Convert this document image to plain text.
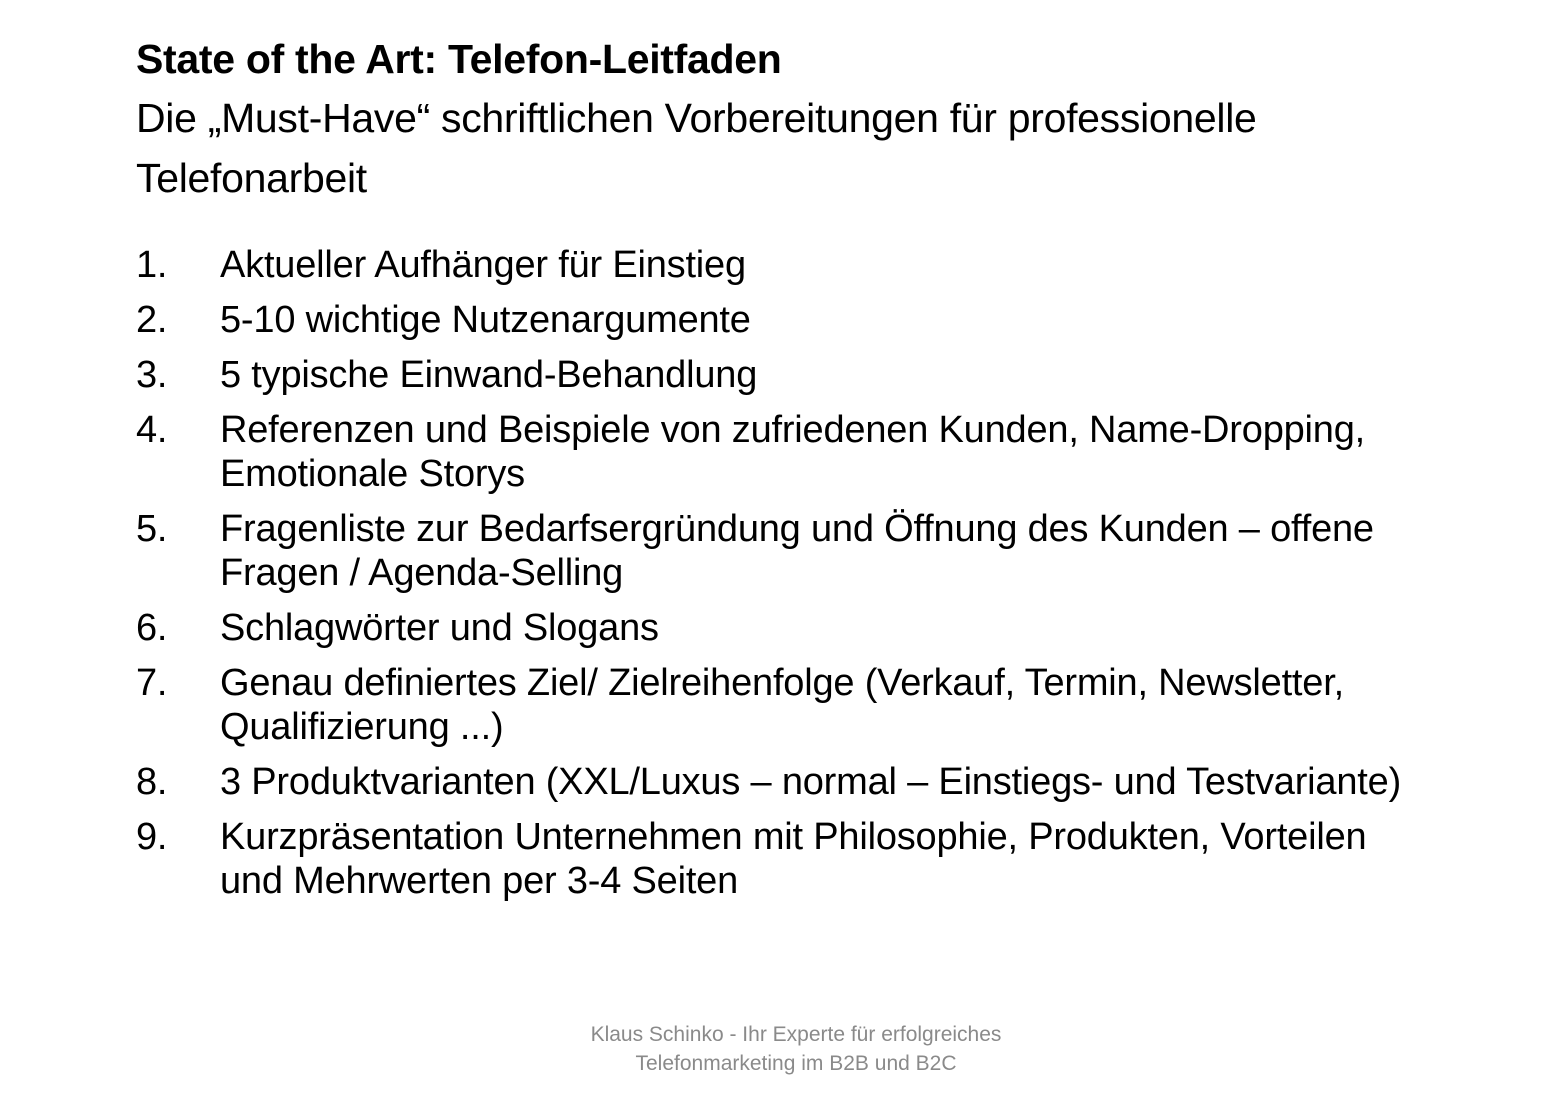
State of the Art: Telefon-Leitfaden

Die „Must-Have“ schriftlichen Vorbereitungen für professionelle Telefonarbeit

1.	Aktueller Aufhänger für Einstieg
2.	5-10 wichtige Nutzenargumente
3.	5 typische Einwand-Behandlung
4.	Referenzen und Beispiele von zufriedenen Kunden, Name-Dropping, Emotionale Storys
5.	Fragenliste zur Bedarfsergründung und Öffnung des Kunden – offene Fragen / Agenda-Selling
6.	Schlagwörter und Slogans
7.	Genau definiertes Ziel/ Zielreihenfolge (Verkauf, Termin, Newsletter, Qualifizierung ...)
8.	3 Produktvarianten (XXL/Luxus – normal – Einstiegs- und Testvariante)
9.	Kurzpräsentation Unternehmen mit Philosophie, Produkten, Vorteilen und Mehrwerten per 3-4 Seiten
Klaus Schinko - Ihr Experte für erfolgreiches
Telefonmarketing im B2B und B2C
